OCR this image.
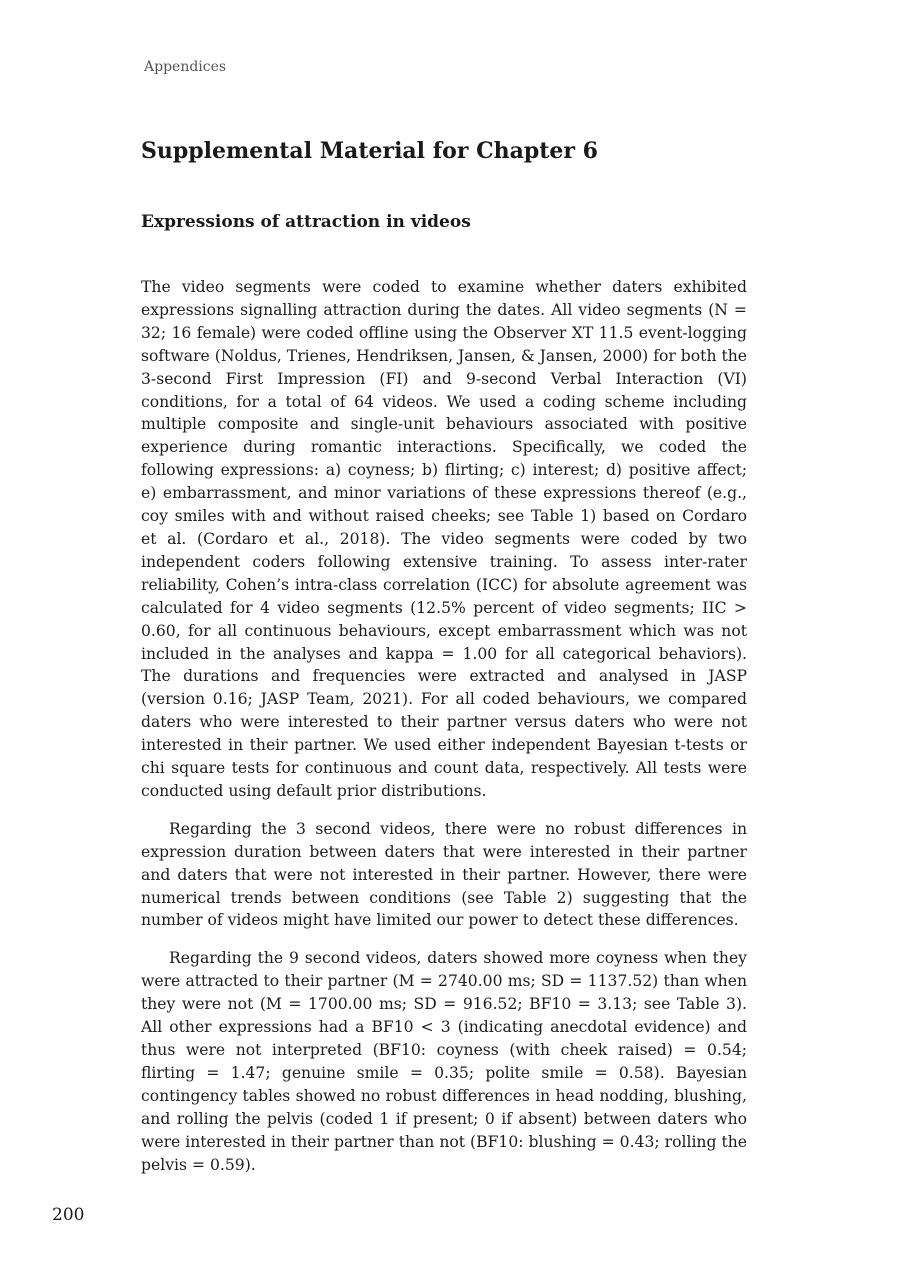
Appendices
Supplemental Material for Chapter 6
Expressions of attraction in videos

The video segments were coded to examine whether daters exhibited expressions signalling attraction during the dates. All video segments (N = 32; 16 female) were coded offline using the Observer XT 11.5 event-logging software (Noldus, Trienes, Hendriksen, Jansen, & Jansen, 2000) for both the 3-second First Impression (FI) and 9-second Verbal Interaction (VI) conditions, for a total of 64 videos. We used a coding scheme including multiple composite and single-unit behaviours associated with positive experience during romantic interactions. Specifically, we coded the following expressions: a) coyness; b) flirting; c) interest; d) positive affect; e) embarrassment, and minor variations of these expressions thereof (e.g., coy smiles with and without raised cheeks; see Table 1) based on Cordaro et al. (Cordaro et al., 2018). The video segments were coded by two independent coders following extensive training. To assess inter-rater reliability, Cohen’s intra-class correlation (ICC) for absolute agreement was calculated for 4 video segments (12.5% percent of video segments; IIC > 0.60, for all continuous behaviours, except embarrassment which was not included in the analyses and kappa = 1.00 for all categorical behaviors). The durations and frequencies were extracted and analysed in JASP (version 0.16; JASP Team, 2021). For all coded behaviours, we compared daters who were interested to their partner versus daters who were not interested in their partner. We used either independent Bayesian t-tests or chi square tests for continuous and count data, respectively. All tests were conducted using default prior distributions.

Regarding the 3 second videos, there were no robust differences in expression duration between daters that were interested in their partner and daters that were not interested in their partner. However, there were numerical trends between conditions (see Table 2) suggesting that the number of videos might have limited our power to detect these differences.

Regarding the 9 second videos, daters showed more coyness when they were attracted to their partner (M = 2740.00 ms; SD = 1137.52) than when they were not (M = 1700.00 ms; SD = 916.52; BF10 = 3.13; see Table 3). All other expressions had a BF10 < 3 (indicating anecdotal evidence) and thus were not interpreted (BF10: coyness (with cheek raised) = 0.54; flirting = 1.47; genuine smile = 0.35; polite smile = 0.58). Bayesian contingency tables showed no robust differences in head nodding, blushing, and rolling the pelvis (coded 1 if present; 0 if absent) between daters who were interested in their partner than not (BF10: blushing = 0.43; rolling the pelvis = 0.59).

200
